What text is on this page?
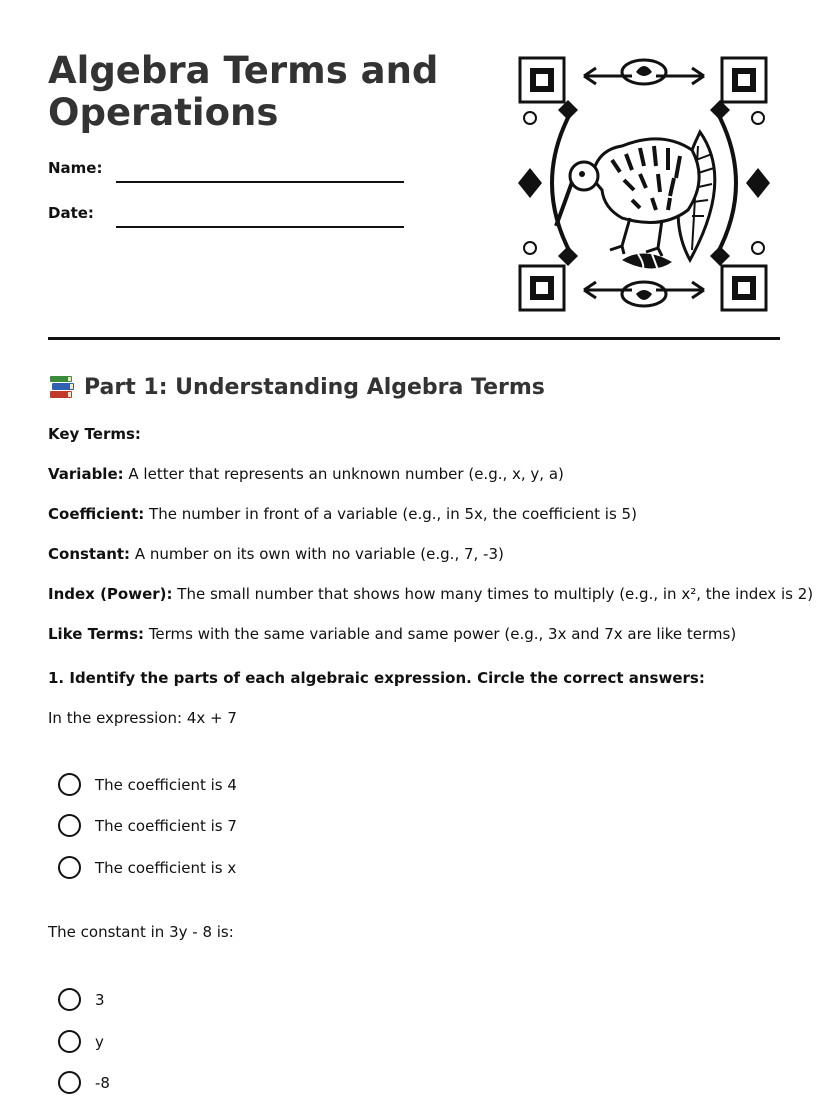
Algebra Terms and Operations
Name:
Date:
Part 1: Understanding Algebra Terms
Key Terms:
Variable: A letter that represents an unknown number (e.g., x, y, a)
Coefficient: The number in front of a variable (e.g., in 5x, the coefficient is 5)
Constant: A number on its own with no variable (e.g., 7, -3)
Index (Power): The small number that shows how many times to multiply (e.g., in x², the index is 2)
Like Terms: Terms with the same variable and same power (e.g., 3x and 7x are like terms)
1. Identify the parts of each algebraic expression. Circle the correct answers:
In the expression: 4x + 7
The coefficient is 4
The coefficient is 7
The coefficient is x
The constant in 3y - 8 is:
3
y
-8
